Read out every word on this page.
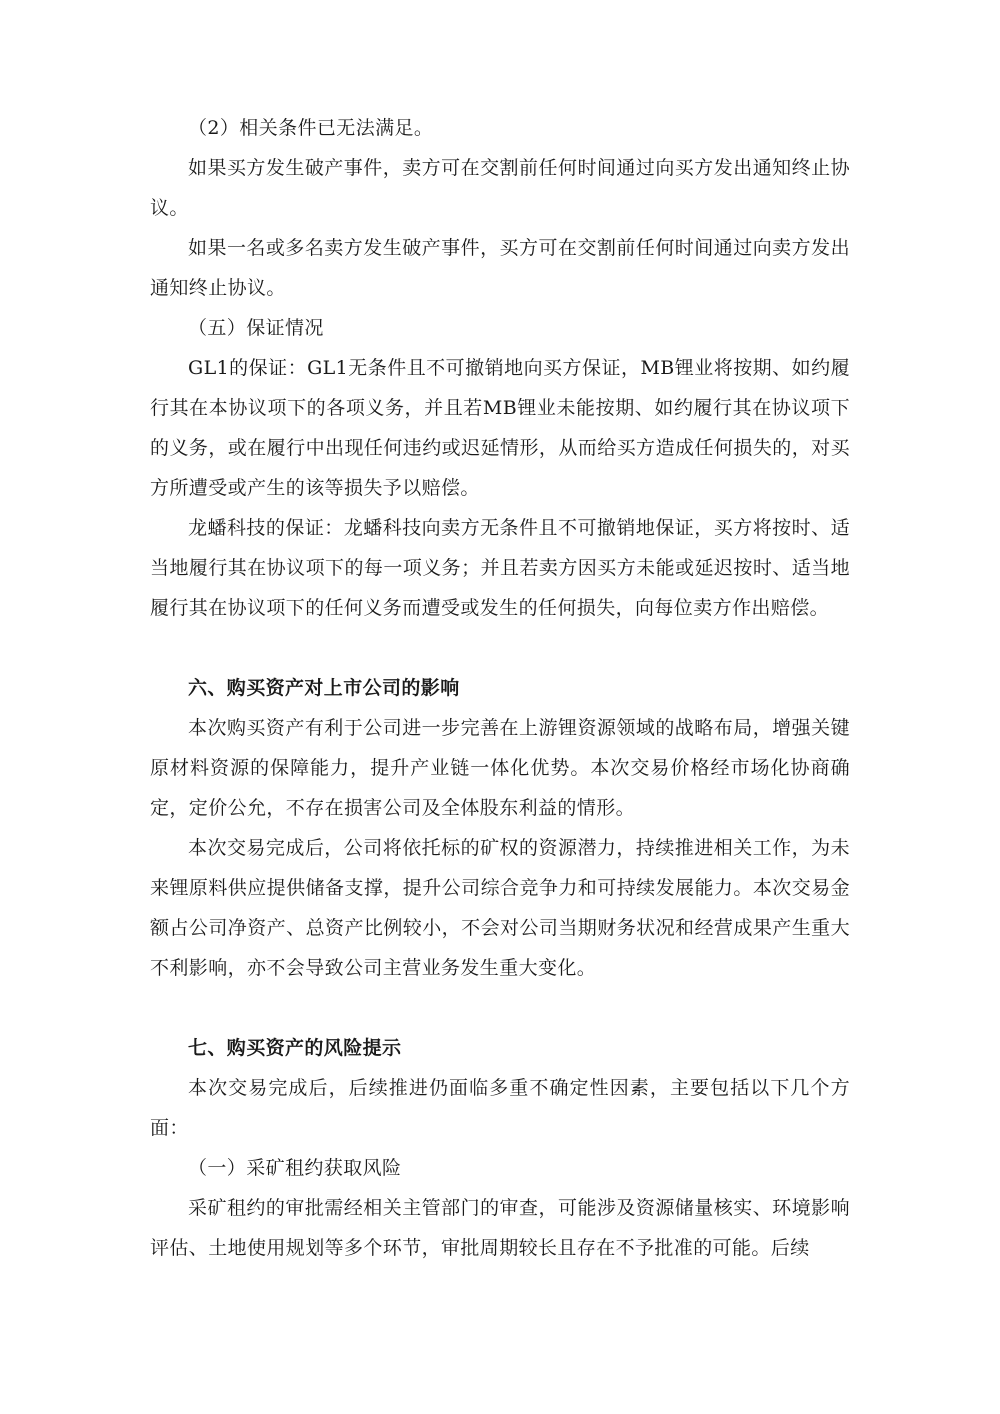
（2）相关条件已无法满足。

如果买方发生破产事件，卖方可在交割前任何时间通过向买方发出通知终止协议。

如果一名或多名卖方发生破产事件，买方可在交割前任何时间通过向卖方发出通知终止协议。

（五）保证情况

GL1的保证：GL1无条件且不可撤销地向买方保证，MB锂业将按期、如约履行其在本协议项下的各项义务，并且若MB锂业未能按期、如约履行其在协议项下的义务，或在履行中出现任何违约或迟延情形，从而给买方造成任何损失的，对买方所遭受或产生的该等损失予以赔偿。

龙蟠科技的保证：龙蟠科技向卖方无条件且不可撤销地保证，买方将按时、适当地履行其在协议项下的每一项义务；并且若卖方因买方未能或延迟按时、适当地履行其在协议项下的任何义务而遭受或发生的任何损失，向每位卖方作出赔偿。

六、购买资产对上市公司的影响

本次购买资产有利于公司进一步完善在上游锂资源领域的战略布局，增强关键原材料资源的保障能力，提升产业链一体化优势。本次交易价格经市场化协商确定，定价公允，不存在损害公司及全体股东利益的情形。

本次交易完成后，公司将依托标的矿权的资源潜力，持续推进相关工作，为未来锂原料供应提供储备支撑，提升公司综合竞争力和可持续发展能力。本次交易金额占公司净资产、总资产比例较小，不会对公司当期财务状况和经营成果产生重大不利影响，亦不会导致公司主营业务发生重大变化。

七、购买资产的风险提示

本次交易完成后，后续推进仍面临多重不确定性因素，主要包括以下几个方面：

（一）采矿租约获取风险

采矿租约的审批需经相关主管部门的审查，可能涉及资源储量核实、环境影响评估、土地使用规划等多个环节，审批周期较长且存在不予批准的可能。后续
